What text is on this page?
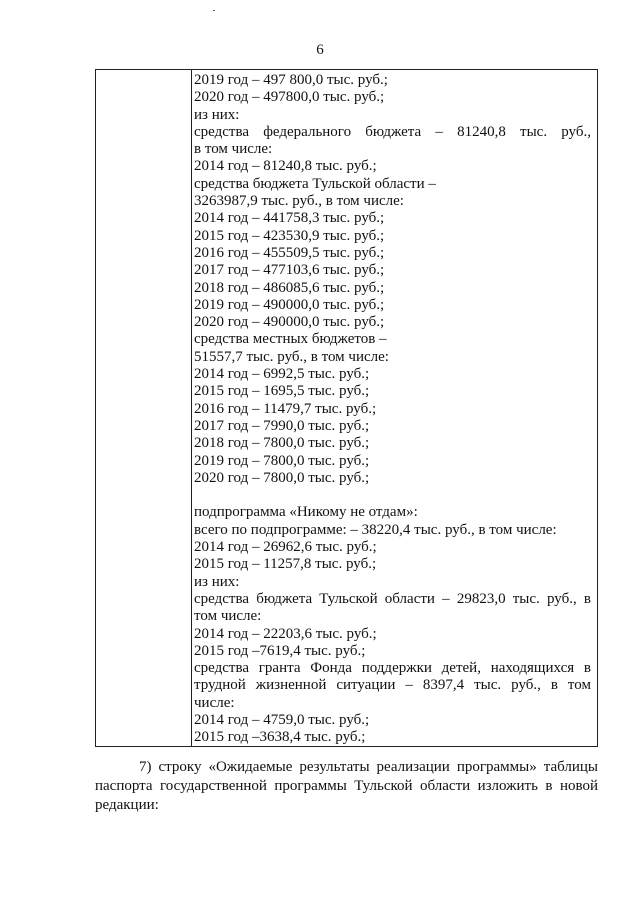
6
2019 год – 497 800,0 тыс. руб.;
2020 год – 497800,0 тыс. руб.;
из них:
средства федерального бюджета – 81240,8 тыс. руб.,
в том числе:
2014 год – 81240,8 тыс. руб.;
средства бюджета Тульской области –
3263987,9 тыс. руб., в том числе:
2014 год – 441758,3 тыс. руб.;
2015 год – 423530,9 тыс. руб.;
2016 год – 455509,5 тыс. руб.;
2017 год – 477103,6 тыс. руб.;
2018 год – 486085,6 тыс. руб.;
2019 год – 490000,0 тыс. руб.;
2020 год – 490000,0 тыс. руб.;
средства местных бюджетов –
51557,7 тыс. руб., в том числе:
2014 год – 6992,5 тыс. руб.;
2015 год – 1695,5 тыс. руб.;
2016 год – 11479,7 тыс. руб.;
2017 год – 7990,0 тыс. руб.;
2018 год – 7800,0 тыс. руб.;
2019 год – 7800,0 тыс. руб.;
2020 год – 7800,0 тыс. руб.;
подпрограмма «Никому не отдам»:
всего по подпрограмме: – 38220,4 тыс. руб., в том числе:
2014 год – 26962,6 тыс. руб.;
2015 год – 11257,8 тыс. руб.;
из них:
средства бюджета Тульской области – 29823,0 тыс. руб., в
том числе:
2014 год – 22203,6 тыс. руб.;
2015 год –7619,4 тыс. руб.;
средства гранта Фонда поддержки детей, находящихся в
трудной жизненной ситуации – 8397,4 тыс. руб., в том
числе:
2014 год – 4759,0 тыс. руб.;
2015 год –3638,4 тыс. руб.;
7) строку «Ожидаемые результаты реализации программы» таблицы
паспорта государственной программы Тульской области изложить в новой
редакции:
